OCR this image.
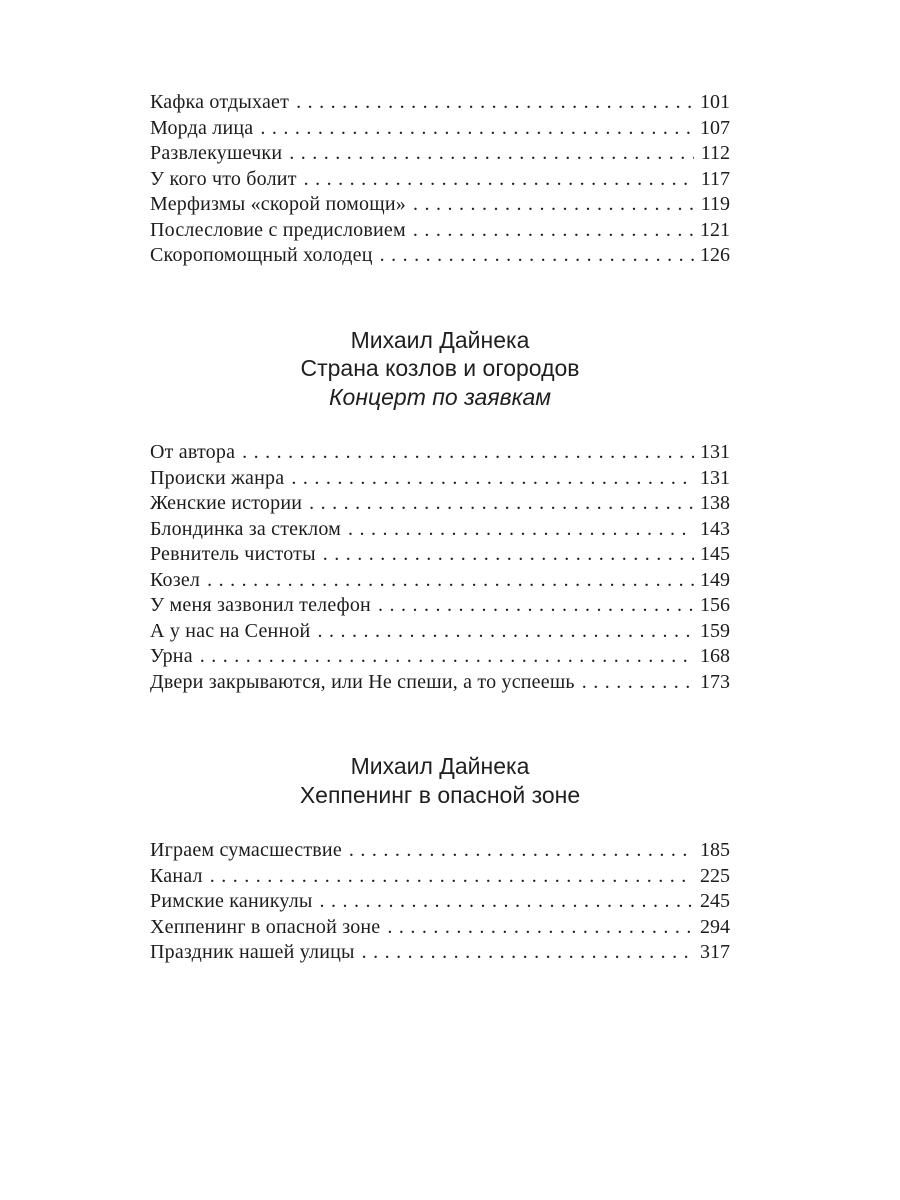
Кафка отдыхает .....	101
Морда лица .....	107
Развлекушечки .....	112
У кого что болит .....	117
Мерфизмы «скорой помощи» .....	119
Послесловие с предисловием .....	121
Скоропомощный холодец .....	126
Михаил Дайнека
Страна козлов и огородов
Концерт по заявкам
От автора .....	131
Происки жанра .....	131
Женские истории .....	138
Блондинка за стеклом .....	143
Ревнитель чистоты .....	145
Козел .....	149
У меня зазвонил телефон .....	156
А у нас на Сенной .....	159
Урна .....	168
Двери закрываются, или Не спеши, а то успеешь .....	173
Михаил Дайнека
Хеппенинг в опасной зоне
Играем сумасшествие .....	185
Канал .....	225
Римские каникулы .....	245
Хеппенинг в опасной зоне .....	294
Праздник нашей улицы .....	317
